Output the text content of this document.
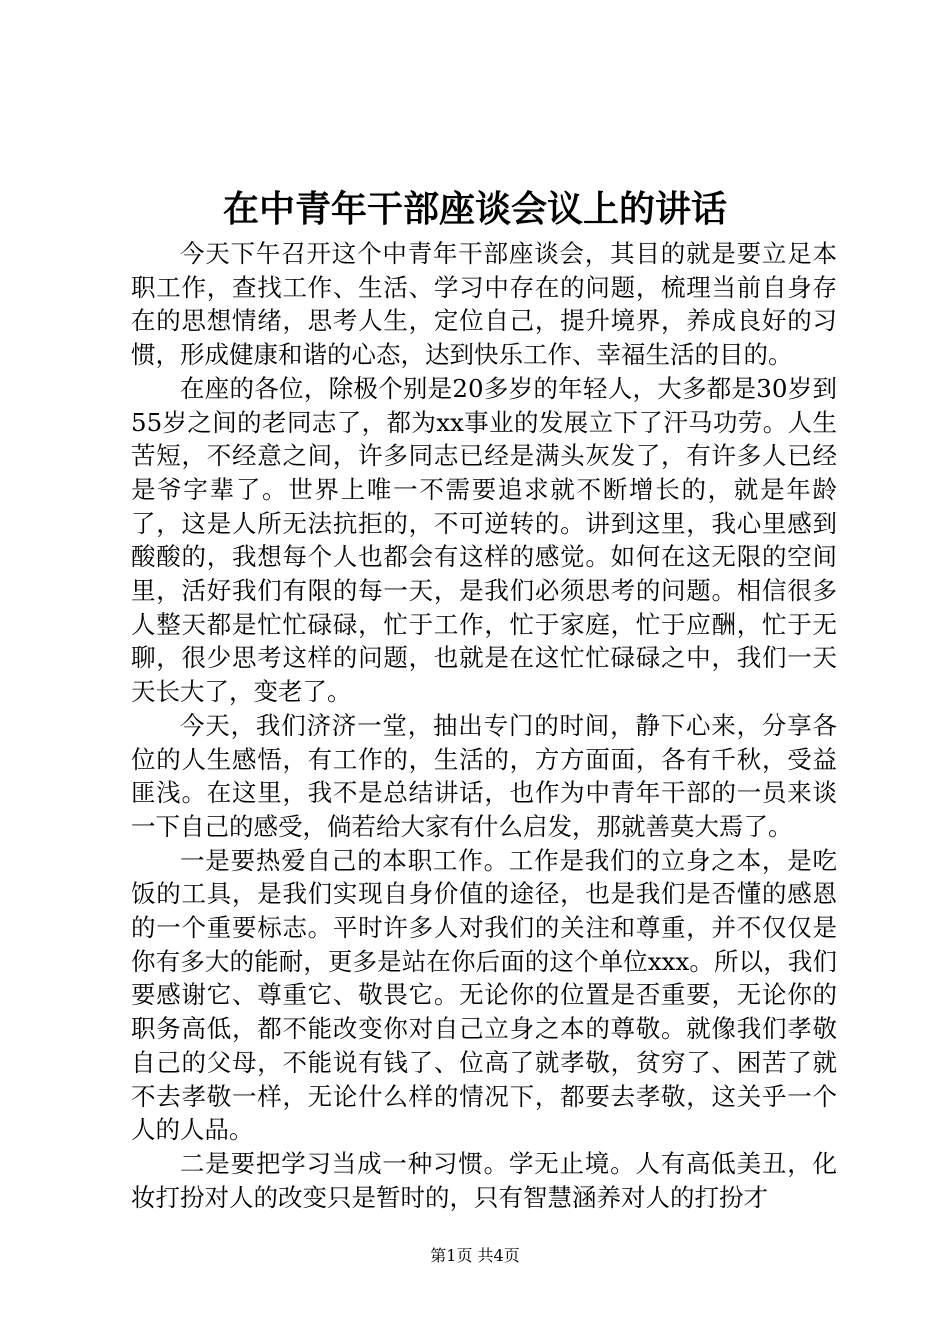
在中青年干部座谈会议上的讲话

今天下午召开这个中青年干部座谈会，其目的就是要立足本职工作，查找工作、生活、学习中存在的问题，梳理当前自身存在的思想情绪，思考人生，定位自己，提升境界，养成良好的习惯，形成健康和谐的心态，达到快乐工作、幸福生活的目的。

在座的各位，除极个别是20多岁的年轻人，大多都是30岁到55岁之间的老同志了，都为xx事业的发展立下了汗马功劳。人生苦短，不经意之间，许多同志已经是满头灰发了，有许多人已经是爷字辈了。世界上唯一不需要追求就不断增长的，就是年龄了，这是人所无法抗拒的，不可逆转的。讲到这里，我心里感到酸酸的，我想每个人也都会有这样的感觉。如何在这无限的空间里，活好我们有限的每一天，是我们必须思考的问题。相信很多人整天都是忙忙碌碌，忙于工作，忙于家庭，忙于应酬，忙于无聊，很少思考这样的问题，也就是在这忙忙碌碌之中，我们一天天长大了，变老了。

今天，我们济济一堂，抽出专门的时间，静下心来，分享各位的人生感悟，有工作的，生活的，方方面面，各有千秋，受益匪浅。在这里，我不是总结讲话，也作为中青年干部的一员来谈一下自己的感受，倘若给大家有什么启发，那就善莫大焉了。

一是要热爱自己的本职工作。工作是我们的立身之本，是吃饭的工具，是我们实现自身价值的途径，也是我们是否懂的感恩的一个重要标志。平时许多人对我们的关注和尊重，并不仅仅是你有多大的能耐，更多是站在你后面的这个单位xxx。所以，我们要感谢它、尊重它、敬畏它。无论你的位置是否重要，无论你的职务高低，都不能改变你对自己立身之本的尊敬。就像我们孝敬自己的父母，不能说有钱了、位高了就孝敬，贫穷了、困苦了就不去孝敬一样，无论什么样的情况下，都要去孝敬，这关乎一个人的人品。

二是要把学习当成一种习惯。学无止境。人有高低美丑，化妆打扮对人的改变只是暂时的，只有智慧涵养对人的打扮才

第1页 共4页
